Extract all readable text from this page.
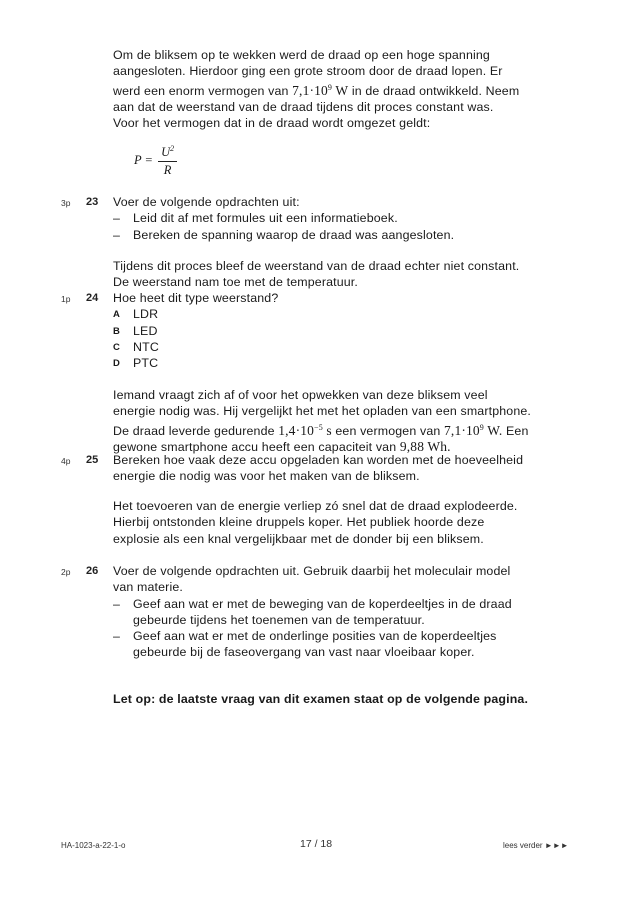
Om de bliksem op te wekken werd de draad op een hoge spanning

aangesloten. Hierdoor ging een grote stroom door de draad lopen. Er

werd een enorm vermogen van $7,1\cdot 10^9$ W in de draad ontwikkeld. Neem

aan dat de weerstand van de draad tijdens dit proces constant was.

Voor het vermogen dat in de draad wordt omgezet geldt:

$P = \frac{U^2}{R}$
3p 23 Voer de volgende opdrachten uit:

– Leid dit af met formules uit een informatieboek.

– Bereken de spanning waarop de draad was aangesloten.

Tijdens dit proces bleef de weerstand van de draad echter niet constant.

De weerstand nam toe met de temperatuur.

1p 24 Hoe heet dit type weerstand?

A LDR

B LED

C NTC

D PTC

Iemand vraagt zich af of voor het opwekken van deze bliksem veel

energie nodig was. Hij vergelijkt het met het opladen van een smartphone.

De draad leverde gedurende $1,4\cdot 10^{-5}$ s een vermogen van $7,1\cdot 10^9$ W. Een

gewone smartphone accu heeft een capaciteit van 9,88 Wh.

4p 25 Bereken hoe vaak deze accu opgeladen kan worden met de hoeveelheid

energie die nodig was voor het maken van de bliksem.

Het toevoeren van de energie verliep zó snel dat de draad explodeerde.

Hierbij ontstonden kleine druppels koper. Het publiek hoorde deze

explosie als een knal vergelijkbaar met de donder bij een bliksem.

2p 26 Voer de volgende opdrachten uit. Gebruik daarbij het moleculair model

van materie.

– Geef aan wat er met de beweging van de koperdeeltjes in de draad

gebeurde tijdens het toenemen van de temperatuur.

– Geef aan wat er met de onderlinge posities van de koperdeeltjes

gebeurde bij de faseovergang van vast naar vloeibaar koper.

Let op: de laatste vraag van dit examen staat op de volgende pagina.
HA-1023-a-22-1-o	17 / 18	lees verder ►►►
